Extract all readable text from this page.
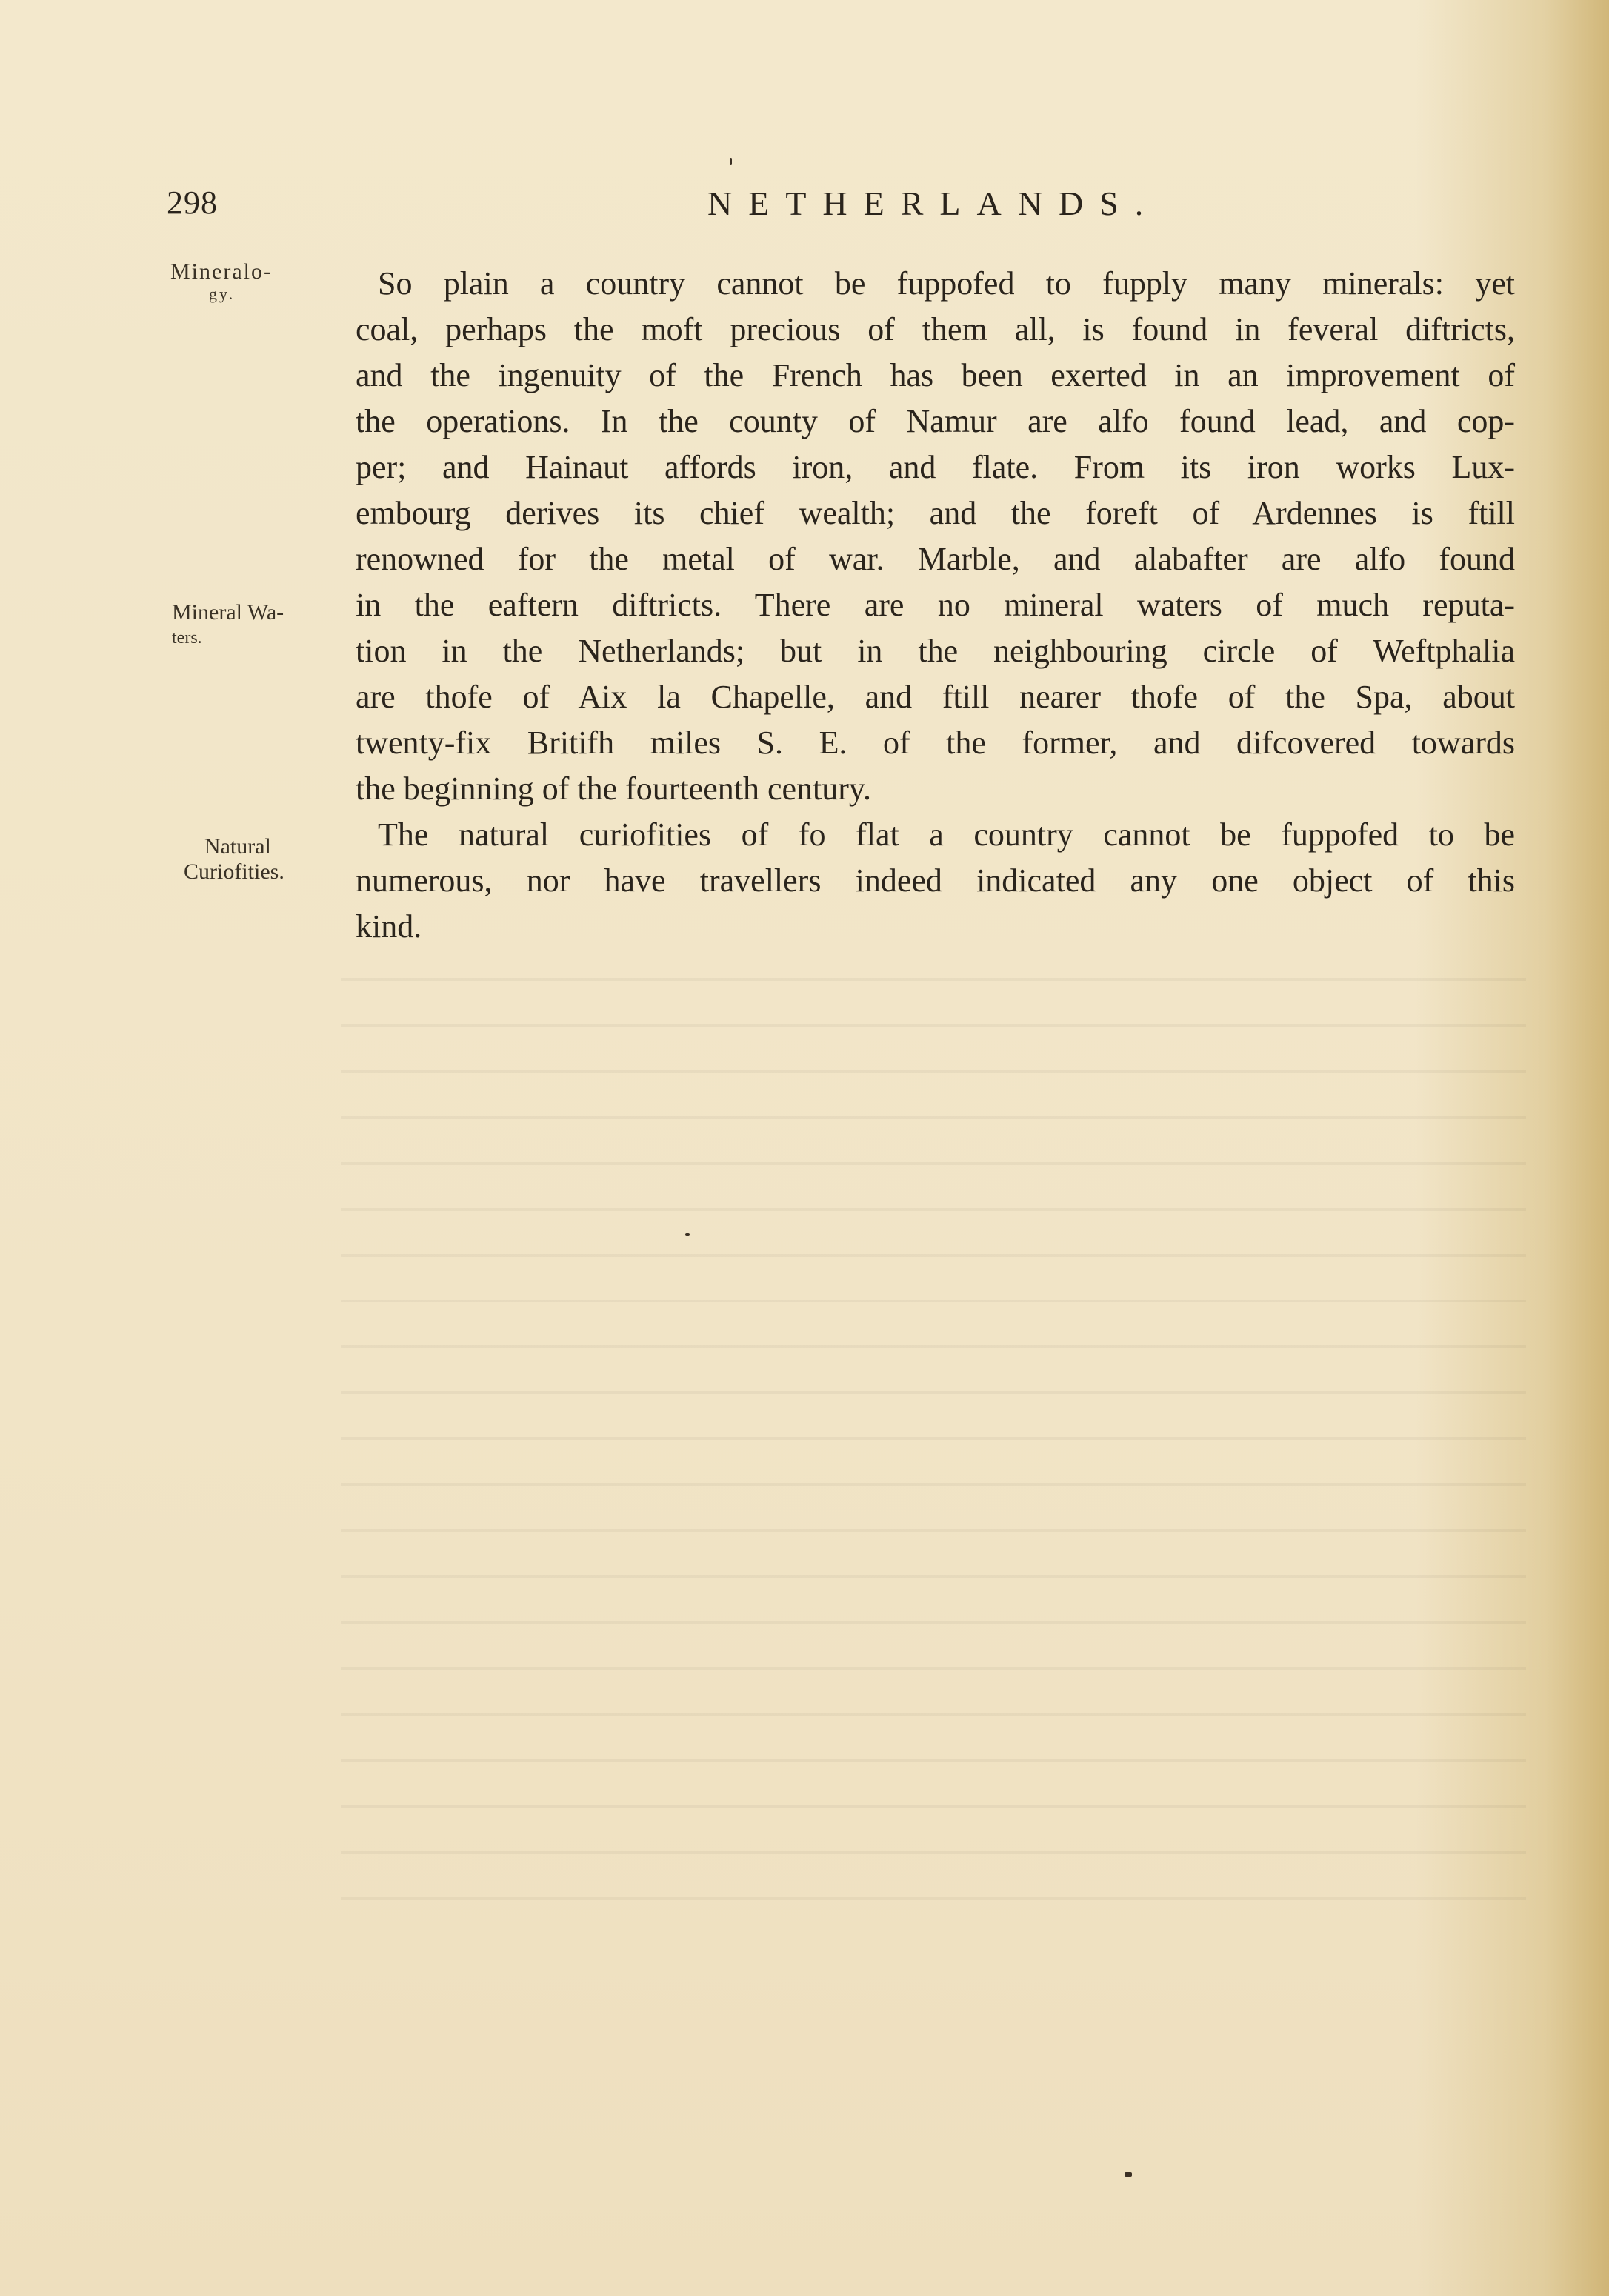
298	NETHERLANDS.
Mineralo-
gy.
Mineral Wa-
ters.
Natural
Curiofities.
So plain a country cannot be fuppofed to fupply many minerals: yet
coal, perhaps the moft precious of them all, is found in feveral diftricts,
and the ingenuity of the French has been exerted in an improvement of
the operations. In the county of Namur are alfo found lead, and cop-
per; and Hainaut affords iron, and flate. From its iron works Lux-
embourg derives its chief wealth; and the foreft of Ardennes is ftill
renowned for the metal of war. Marble, and alabafter are alfo found
in the eaftern diftricts. There are no mineral waters of much reputa-
tion in the Netherlands; but in the neighbouring circle of Weftphalia
are thofe of Aix la Chapelle, and ftill nearer thofe of the Spa, about
twenty-fix Britifh miles S. E. of the former, and difcovered towards
the beginning of the fourteenth century.
The natural curiofities of fo flat a country cannot be fuppofed to be
numerous, nor have travellers indeed indicated any one object of this
kind.
